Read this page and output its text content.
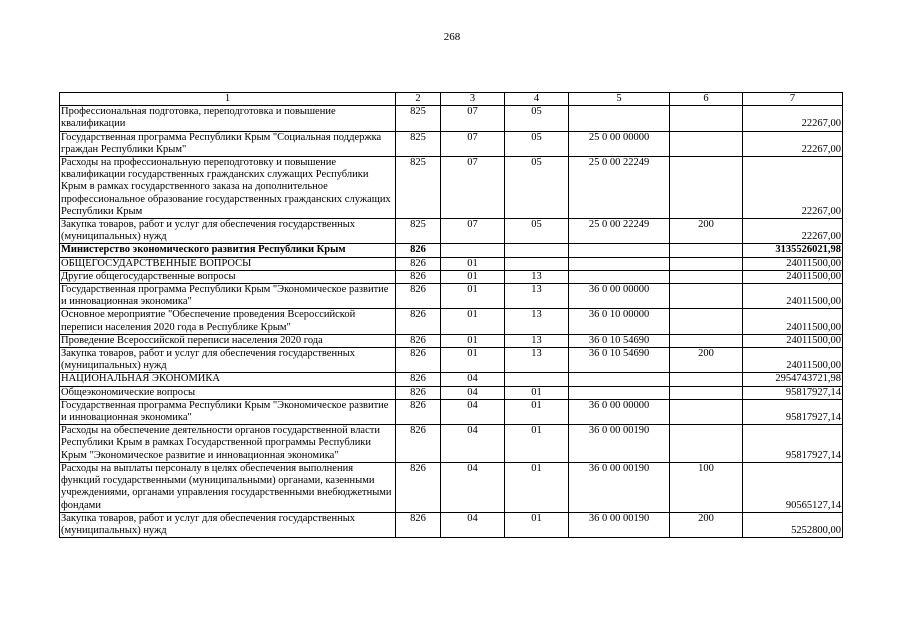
268
1	2	3	4	5	6	7
Профессиональная подготовка, переподготовка и повышение квалификации	825	07	05			22267,00
Государственная программа Республики Крым "Социальная поддержка граждан Республики Крым"	825	07	05	25 0 00 00000		22267,00
Расходы на профессиональную переподготовку и повышение квалификации государственных гражданских служащих Республики Крым в рамках государственного заказа на дополнительное профессиональное образование государственных гражданских служащих Республики Крым	825	07	05	25 0 00 22249		22267,00
Закупка товаров, работ и услуг для обеспечения государственных (муниципальных) нужд	825	07	05	25 0 00 22249	200	22267,00
Министерство экономического развития Республики Крым	826					3135526021,98
ОБЩЕГОСУДАРСТВЕННЫЕ ВОПРОСЫ	826	01				24011500,00
Другие общегосударственные вопросы	826	01	13			24011500,00
Государственная программа Республики Крым "Экономическое развитие и инновационная экономика"	826	01	13	36 0 00 00000		24011500,00
Основное мероприятие "Обеспечение проведения Всероссийской переписи населения 2020 года в Республике Крым"	826	01	13	36 0 10 00000		24011500,00
Проведение Всероссийской переписи населения 2020 года	826	01	13	36 0 10 54690		24011500,00
Закупка товаров, работ и услуг для обеспечения государственных (муниципальных) нужд	826	01	13	36 0 10 54690	200	24011500,00
НАЦИОНАЛЬНАЯ ЭКОНОМИКА	826	04				2954743721,98
Общеэкономические вопросы	826	04	01			95817927,14
Государственная программа Республики Крым "Экономическое развитие и инновационная экономика"	826	04	01	36 0 00 00000		95817927,14
Расходы на обеспечение деятельности органов государственной власти Республики Крым в рамках Государственной программы Республики Крым "Экономическое развитие и инновационная экономика"	826	04	01	36 0 00 00190		95817927,14
Расходы на выплаты персоналу в целях обеспечения выполнения функций государственными (муниципальными) органами, казенными учреждениями, органами управления государственными внебюджетными фондами	826	04	01	36 0 00 00190	100	90565127,14
Закупка товаров, работ и услуг для обеспечения государственных (муниципальных) нужд	826	04	01	36 0 00 00190	200	5252800,00
